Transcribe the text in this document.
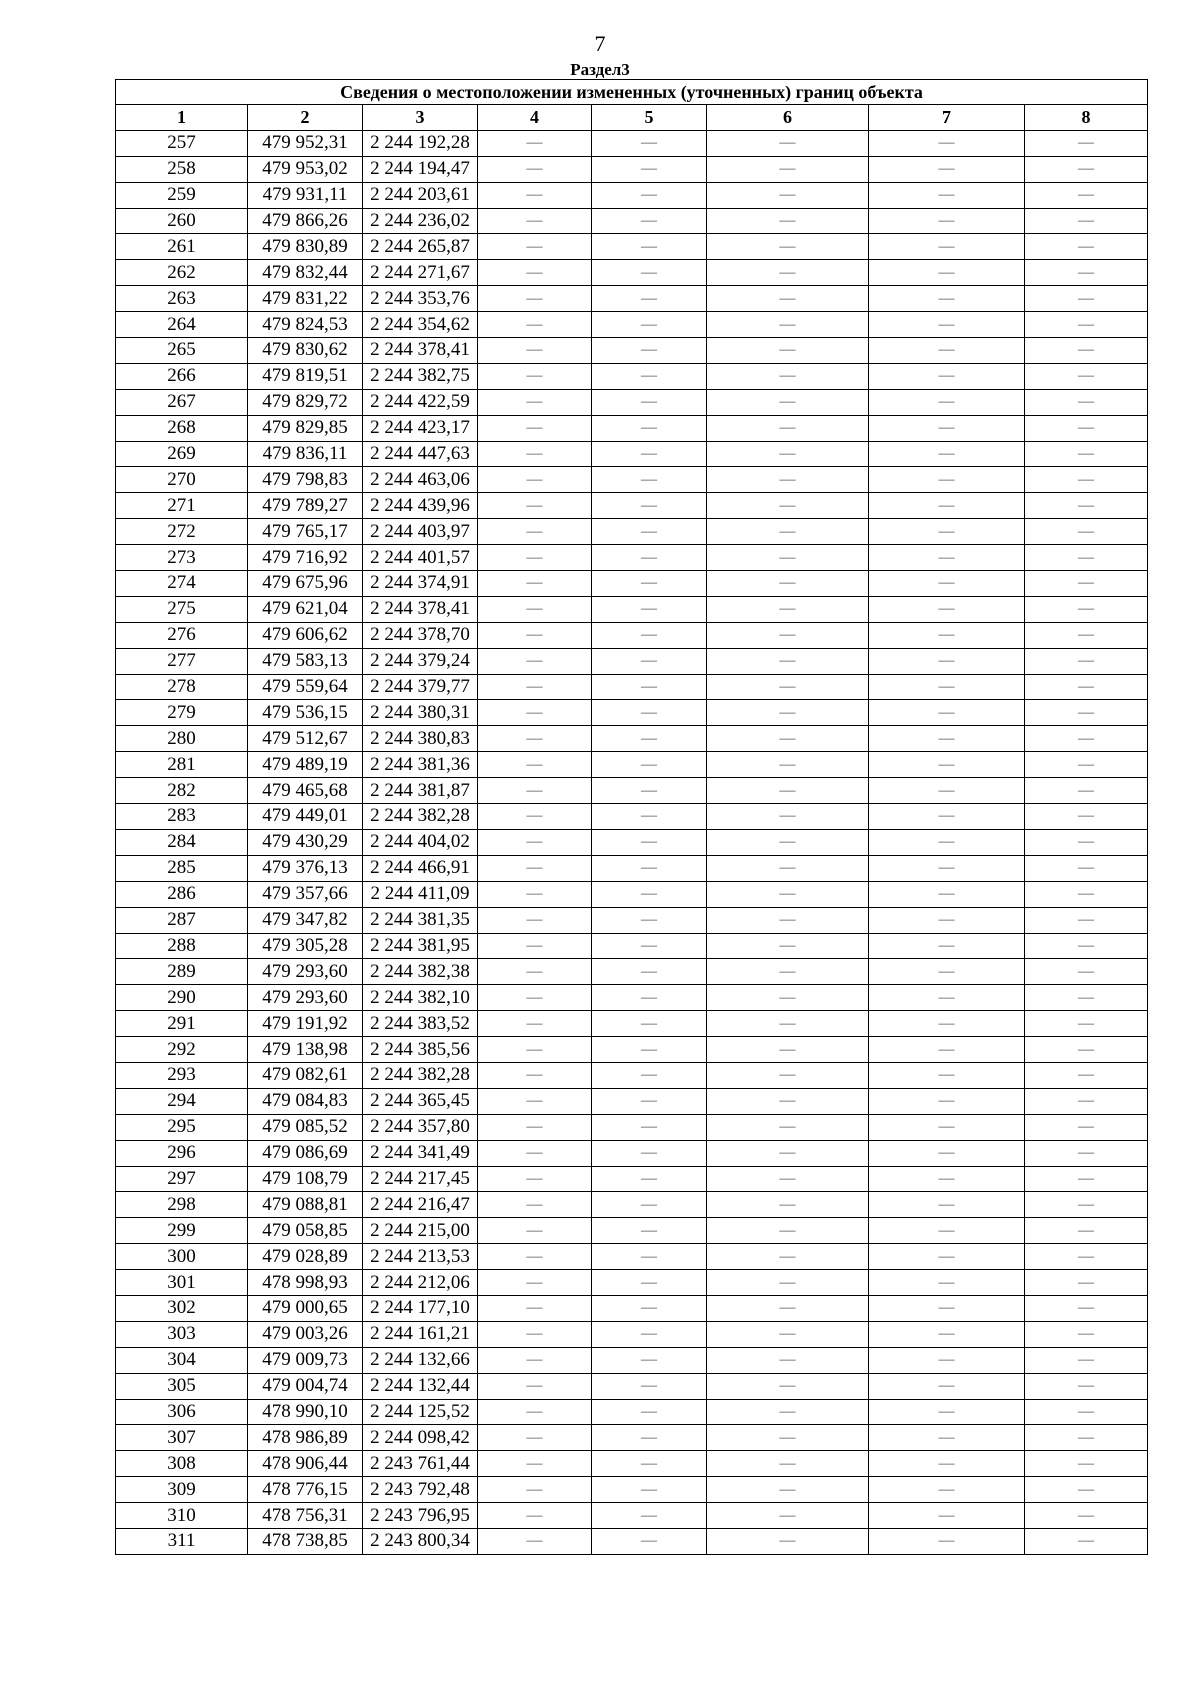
7
Раздел3
Сведения о местоположении измененных (уточненных) границ объекта							
1	2	3	4	5	6	7	8
257	479 952,31	2 244 192,28	—	—	—	—	—
258	479 953,02	2 244 194,47	—	—	—	—	—
259	479 931,11	2 244 203,61	—	—	—	—	—
260	479 866,26	2 244 236,02	—	—	—	—	—
261	479 830,89	2 244 265,87	—	—	—	—	—
262	479 832,44	2 244 271,67	—	—	—	—	—
263	479 831,22	2 244 353,76	—	—	—	—	—
264	479 824,53	2 244 354,62	—	—	—	—	—
265	479 830,62	2 244 378,41	—	—	—	—	—
266	479 819,51	2 244 382,75	—	—	—	—	—
267	479 829,72	2 244 422,59	—	—	—	—	—
268	479 829,85	2 244 423,17	—	—	—	—	—
269	479 836,11	2 244 447,63	—	—	—	—	—
270	479 798,83	2 244 463,06	—	—	—	—	—
271	479 789,27	2 244 439,96	—	—	—	—	—
272	479 765,17	2 244 403,97	—	—	—	—	—
273	479 716,92	2 244 401,57	—	—	—	—	—
274	479 675,96	2 244 374,91	—	—	—	—	—
275	479 621,04	2 244 378,41	—	—	—	—	—
276	479 606,62	2 244 378,70	—	—	—	—	—
277	479 583,13	2 244 379,24	—	—	—	—	—
278	479 559,64	2 244 379,77	—	—	—	—	—
279	479 536,15	2 244 380,31	—	—	—	—	—
280	479 512,67	2 244 380,83	—	—	—	—	—
281	479 489,19	2 244 381,36	—	—	—	—	—
282	479 465,68	2 244 381,87	—	—	—	—	—
283	479 449,01	2 244 382,28	—	—	—	—	—
284	479 430,29	2 244 404,02	—	—	—	—	—
285	479 376,13	2 244 466,91	—	—	—	—	—
286	479 357,66	2 244 411,09	—	—	—	—	—
287	479 347,82	2 244 381,35	—	—	—	—	—
288	479 305,28	2 244 381,95	—	—	—	—	—
289	479 293,60	2 244 382,38	—	—	—	—	—
290	479 293,60	2 244 382,10	—	—	—	—	—
291	479 191,92	2 244 383,52	—	—	—	—	—
292	479 138,98	2 244 385,56	—	—	—	—	—
293	479 082,61	2 244 382,28	—	—	—	—	—
294	479 084,83	2 244 365,45	—	—	—	—	—
295	479 085,52	2 244 357,80	—	—	—	—	—
296	479 086,69	2 244 341,49	—	—	—	—	—
297	479 108,79	2 244 217,45	—	—	—	—	—
298	479 088,81	2 244 216,47	—	—	—	—	—
299	479 058,85	2 244 215,00	—	—	—	—	—
300	479 028,89	2 244 213,53	—	—	—	—	—
301	478 998,93	2 244 212,06	—	—	—	—	—
302	479 000,65	2 244 177,10	—	—	—	—	—
303	479 003,26	2 244 161,21	—	—	—	—	—
304	479 009,73	2 244 132,66	—	—	—	—	—
305	479 004,74	2 244 132,44	—	—	—	—	—
306	478 990,10	2 244 125,52	—	—	—	—	—
307	478 986,89	2 244 098,42	—	—	—	—	—
308	478 906,44	2 243 761,44	—	—	—	—	—
309	478 776,15	2 243 792,48	—	—	—	—	—
310	478 756,31	2 243 796,95	—	—	—	—	—
311	478 738,85	2 243 800,34	—	—	—	—	—
